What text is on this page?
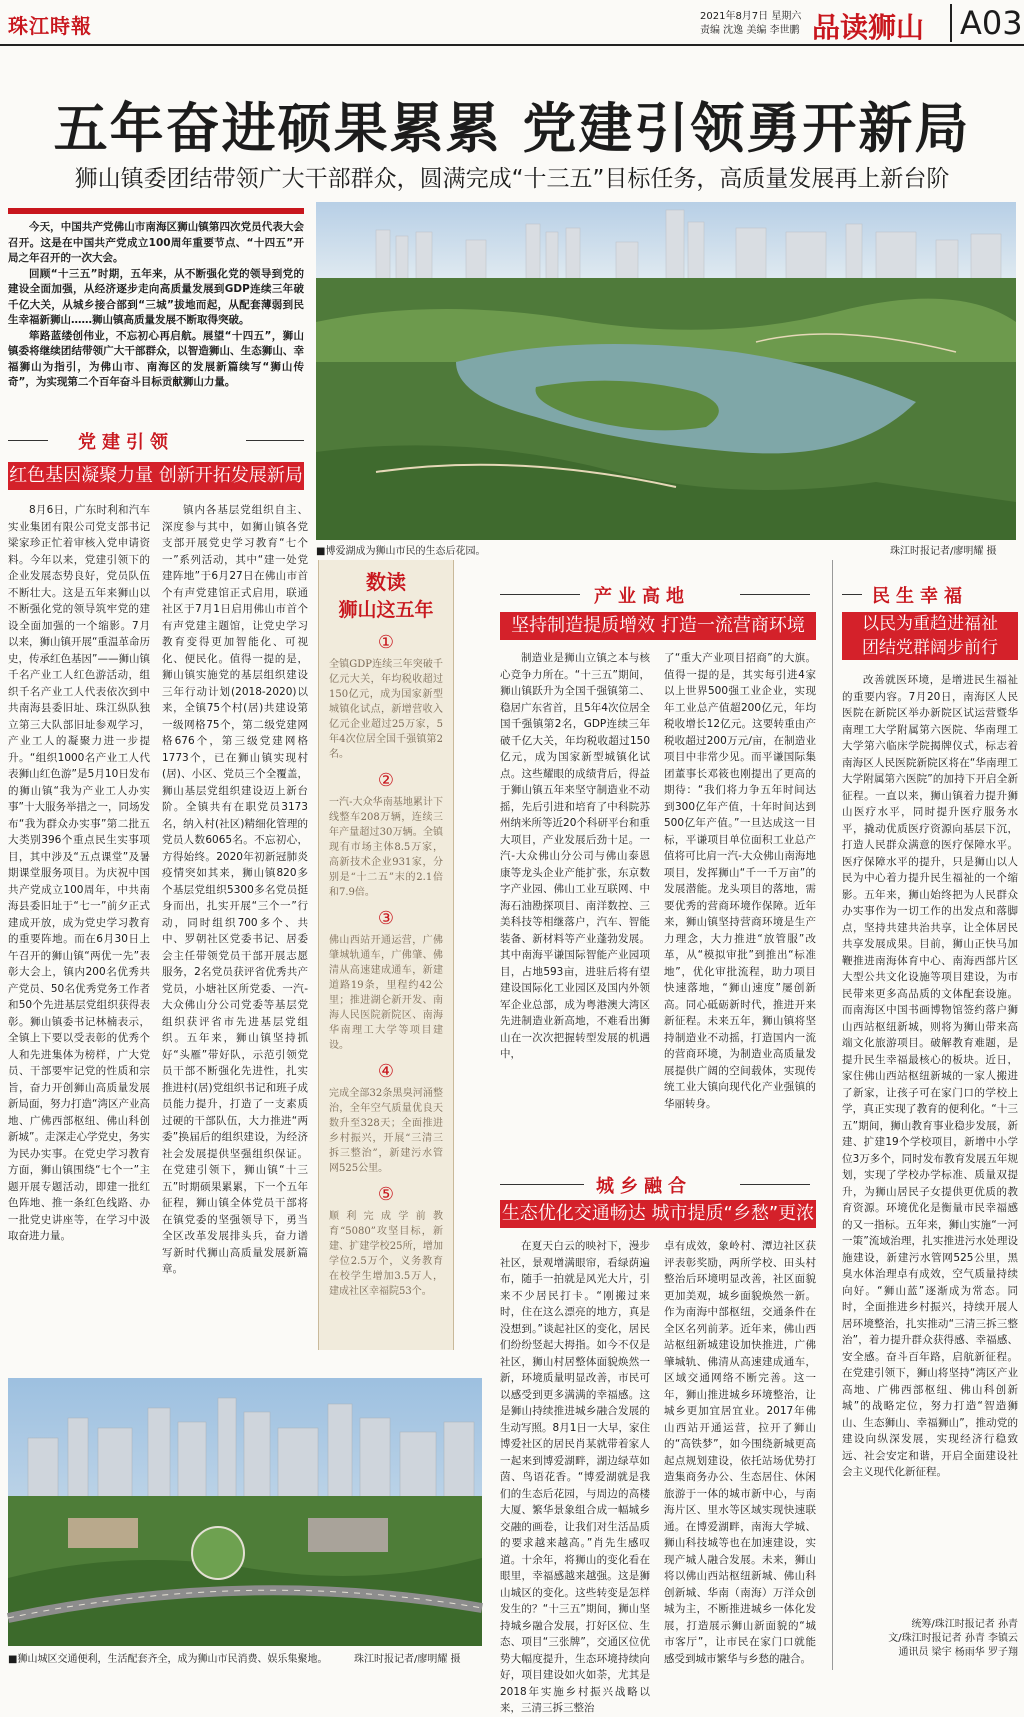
珠江時報	2021年8月7日 星期六
责编 沈逸 美编 李世鹏 品读狮山	A03
五年奋进硕果累累 党建引领勇开新局
狮山镇委团结带领广大干部群众，圆满完成“十三五”目标任务，高质量发展再上新台阶

今天，中国共产党佛山市南海区狮山镇第四次党员代表大会召开。这是在中国共产党成立100周年重要节点、“十四五”开局之年召开的一次大会。

回顾“十三五”时期，五年来，从不断强化党的领导到党的建设全面加强，从经济逐步走向高质量发展到GDP连续三年破千亿大关，从城乡接合部到“三城”拔地而起，从配套薄弱到民生幸福新狮山……狮山镇高质量发展不断取得突破。

筚路蓝缕创伟业，不忘初心再启航。展望“十四五”，狮山镇委将继续团结带领广大干部群众，以智造狮山、生态狮山、幸福狮山为指引，为佛山市、南海区的发展新篇续写“狮山传奇”，为实现第二个百年奋斗目标贡献狮山力量。

党建引领
红色基因凝聚力量 创新开拓发展新局
8月6日，广东时利和汽车实业集团有限公司党支部书记梁家珍正忙着审核入党申请资料。今年以来，党建引领下的企业发展态势良好，党员队伍不断壮大。这是五年来狮山以不断强化党的领导筑牢党的建设全面加强的一个缩影。7月以来，狮山镇开展“重温革命历史，传承红色基因”——狮山镇千名产业工人红色游活动，组织千名产业工人代表依次到中共南海县委旧址、珠江纵队独立第三大队部旧址参观学习，产业工人的凝聚力进一步提升。“组织1000名产业工人代表狮山红色游”是5月10日发布的狮山镇“我为产业工人办实事”十大服务举措之一，同场发布“我为群众办实事”第二批五大类别396个重点民生实事项目，其中涉及“五点课堂”及暑期课堂服务项目。为庆祝中国共产党成立100周年，中共南海县委旧址于“七一”前夕正式建成开放，成为党史学习教育的重要阵地。而在6月30日上午召开的狮山镇“两优一先”表彰大会上，镇内200名优秀共产党员、50名优秀党务工作者和50个先进基层党组织获得表彰。狮山镇委书记林楠表示，全镇上下要以受表彰的优秀个人和先进集体为榜样，广大党员、干部要牢记党的性质和宗旨，奋力开创狮山高质量发展新局面，努力打造“湾区产业高地、广佛西部枢纽、佛山科创新城”。走深走心学党史，务实为民办实事。在党史学习教育方面，狮山镇围绕“七个一”主题开展专题活动，即建一批红色阵地、推一条红色线路、办一批党史讲座等，在学习中汲取奋进力量。
镇内各基层党组织自主、深度参与其中，如狮山镇各党支部开展党史学习教育“七个一”系列活动，其中“建一处党建阵地”于6月27日在佛山市首个有声党建馆正式启用，联通社区于7月1日启用佛山市首个有声党建主题馆，让党史学习教育变得更加智能化、可视化、便民化。值得一提的是，狮山镇实施党的基层组织建设三年行动计划(2018-2020)以来，全镇75个村(居)共建设第一级网格75个，第二级党建网格676个，第三级党建网格1773个，已在狮山镇实现村(居)、小区、党员三个全覆盖，狮山基层党组织建设迈上新台阶。全镇共有在职党员3173名，纳入村(社区)精细化管理的党员人数6065名。不忘初心，方得始终。2020年初新冠肺炎疫情突如其来，狮山镇820多个基层党组织5300多名党员挺身而出，扎实开展“三个一”行动，同时组织700多个、共中、罗朝社区党委书记、居委会主任带领党员干部开展志愿服务，2名党员获评省优秀共产党员，小塘社区所党委、一汽-大众佛山分公司党委等基层党组织获评省市先进基层党组织。五年来，狮山镇坚持抓好“头雁”带好队，示范引领党员干部不断强化先进性，扎实推进村(居)党组织书记和班子成员能力提升，打造了一支素质过硬的干部队伍，大力推进“两委”换届后的组织建设，为经济社会发展提供坚强组织保证。在党建引领下，狮山镇“十三五”时期硕果累累，下一个五年征程，狮山镇全体党员干部将在镇党委的坚强领导下，勇当全区改革发展排头兵，奋力谱写新时代狮山高质量发展新篇章。
■博爱湖成为狮山市民的生态后花园。	珠江时报记者/廖明耀 摄
数读
狮山这五年
①
全镇GDP连续三年突破千亿元大关，年均税收超过150亿元，成为国家新型城镇化试点，新增营收入亿元企业超过25万家，5年4次位居全国千强镇第2名。
②
一汽-大众华南基地累计下线整车208万辆，连续三年产量超过30万辆。全镇现有市场主体8.5万家，高新技术企业931家，分别是“十二五”末的2.1倍和7.9倍。
③
佛山西站开通运营，广佛肇城轨通车，广佛肇、佛清从高速建成通车，新建道路19条，里程约42公里；推进湖仑新开发、南海人民医院新院区、南海华南理工大学等项目建设。
④
完成全部32条黑臭河涌整治，全年空气质量优良天数升至328天；全面推进乡村振兴，开展“三清三拆三整治”，新建污水管网525公里。
⑤
顺利完成学前教育“5080”攻坚目标，新建、扩建学校25所，增加学位2.5万个，义务教育在校学生增加3.5万人，建成社区幸福院53个。
产业高地
坚持制造提质增效 打造一流营商环境
制造业是狮山立镇之本与核心竞争力所在。“十三五”期间，狮山镇跃升为全国千强镇第二、稳居广东省首，且5年4次位居全国千强镇第2名，GDP连续三年破千亿大关，年均税收超过150亿元，成为国家新型城镇化试点。这些耀眼的成绩背后，得益于狮山镇五年来坚守制造业不动摇，先后引进和培育了中科院苏州纳米所等近20个科研平台和重大项目，产业发展后劲十足。一汽-大众佛山分公司与佛山泰恩康等龙头企业产能扩张，东京数字产业园、佛山工业互联网、中海石油勘探项目、南洋数控、三美科技等相继落户，汽车、智能装备、新材料等产业蓬勃发展。其中南海平谦国际智能产业园项目，占地593亩，进驻后将有望建设国际化工业园区及国内外领军企业总部，成为粤港澳大湾区先进制造业新高地，不难看出狮山在一次次把握转型发展的机遇中，
了“重大产业项目招商”的大旗。值得一提的是，其实每引进4家以上世界500强工业企业，实现年工业总产值超200亿元，年均税收增长12亿元。这要转重由产税收超过200万元/亩，在制造业项目中非常少见。而平谦国际集团董事长邓筱也刚提出了更高的期待：“我们将力争五年时间达到300亿年产值，十年时间达到500亿年产值。”一旦达成这一目标，平谦项目单位面积工业总产值将可比肩一汽-大众佛山南海地项目，发挥狮山“千一千万亩”的发展潜能。龙头项目的落地，需要优秀的营商环境作保障。近年来，狮山镇坚持营商环境是生产力理念，大力推进“放管服”改革，从“模拟审批”到推出“标准地”，优化审批流程，助力项目快速落地，“狮山速度”屡创新高。同心砥砺新时代，推进开来新征程。未来五年，狮山镇将坚持制造业不动摇，打造国内一流的营商环境，为制造业高质量发展提供广阔的空间载体，实现传统工业大镇向现代化产业强镇的华丽转身。
城乡融合
生态优化交通畅达 城市提质“乡愁”更浓
在夏天白云的映衬下，漫步社区，景观增满眼帘，看绿荫遍布，随手一拍就是风光大片，引来不少居民打卡。“刚搬过来时，住在这么漂亮的地方，真是没想到。”谈起社区的变化，居民们纷纷竖起大拇指。如今不仅是社区，狮山村居整体面貌焕然一新，环境质量明显改善，市民可以感受到更多满满的幸福感。这是狮山持续推进城乡融合发展的生动写照。8月1日一大早，家住博爱社区的居民肖某就带着家人一起来到博爱湖畔，湖边绿草如茵、鸟语花香。“博爱湖就是我们的生态后花园，与周边的高楼大厦、繁华景象组合成一幅城乡交融的画卷，让我们对生活品质的要求越来越高。”肖先生感叹道。十余年，将狮山的变化看在眼里，幸福感越来越强。这是狮山城区的变化。这些转变是怎样发生的？“十三五”期间，狮山坚持城乡融合发展，打好区位、生态、项目“三张牌”，交通区位优势大幅度提升，生态环境持续向好，项目建设如火如荼，尤其是2018年实施乡村振兴战略以来，三清三拆三整治
卓有成效，象岭村、潭边社区获评表彰奖励，两所学校、田头村整治后环境明显改善，社区面貌更加美观，城乡面貌焕然一新。作为南海中部枢纽，交通条件在全区名列前茅。近年来，佛山西站枢纽新城建设加快推进，广佛肇城轨、佛清从高速建成通车，区域交通网络不断完善。这一年，狮山推进城乡环境整治，让城乡更加宜居宜业。2017年佛山西站开通运营，拉开了狮山的“高铁梦”，如今围绕新城更高起点规划建设，依托站场优势打造集商务办公、生态居住、休闲旅游于一体的城市新中心，与南海片区、里水等区域实现快速联通。在博爱湖畔，南海大学城、狮山科技城等也在加速建设，实现产城人融合发展。未来，狮山将以佛山西站枢纽新城、佛山科创新城、华南（南海）万洋众创城为主，不断推进城乡一体化发展，打造展示狮山新面貌的“城市客厅”，让市民在家门口就能感受到城市繁华与乡愁的融合。
民生幸福
以民为重趋进福祉
团结党群阔步前行
改善就医环境，是增进民生福祉的重要内容。7月20日，南海区人民医院在新院区举办新院区试运营暨华南理工大学附属第六医院、华南理工大学第六临床学院揭牌仪式，标志着南海区人民医院新院区将在“华南理工大学附属第六医院”的加持下开启全新征程。一直以来，狮山镇着力提升狮山医疗水平，同时提升医疗服务水平，撬动优质医疗资源向基层下沉，打造人民群众满意的医疗保障水平。医疗保障水平的提升，只是狮山以人民为中心着力提升民生福祉的一个缩影。五年来，狮山始终把为人民群众办实事作为一切工作的出发点和落脚点，坚持共建共治共享，让全体居民共享发展成果。目前，狮山正快马加鞭推进南海体育中心、南海西部片区大型公共文化设施等项目建设，为市民带来更多高品质的文体配套设施。而南海区中国书画博物馆签约落户狮山西站枢纽新城，则将为狮山带来高端文化旅游项目。破解教育难题，是提升民生幸福最核心的板块。近日，家住佛山西站枢纽新城的一家人搬进了新家，让孩子可在家门口的学校上学，真正实现了教育的便利化。“十三五”期间，狮山教育事业稳步发展，新建、扩建19个学校项目，新增中小学位3万多个，同时发布教育发展五年规划，实现了学校办学标准、质量双提升，为狮山居民子女提供更优质的教育资源。环境优化是衡量市民幸福感的又一指标。五年来，狮山实施“一河一策”流域治理，扎实推进污水处理设施建设，新建污水管网525公里，黑臭水体治理卓有成效，空气质量持续向好。“狮山蓝”逐渐成为常态。同时，全面推进乡村振兴，持续开展人居环境整治，扎实推动“三清三拆三整治”，着力提升群众获得感、幸福感、安全感。奋斗百年路，启航新征程。在党建引领下，狮山将坚持“湾区产业高地、广佛西部枢纽、佛山科创新城”的战略定位，努力打造“智造狮山、生态狮山、幸福狮山”，推动党的建设向纵深发展，实现经济行稳致远、社会安定和谐，开启全面建设社会主义现代化新征程。
统筹/珠江时报记者 孙青
文/珠江时报记者 孙青 李镇云
通讯员 梁宇 杨雨华 罗子翔
■狮山城区交通便利，生活配套齐全，成为狮山市民消费、娱乐集聚地。	珠江时报记者/廖明耀 摄
